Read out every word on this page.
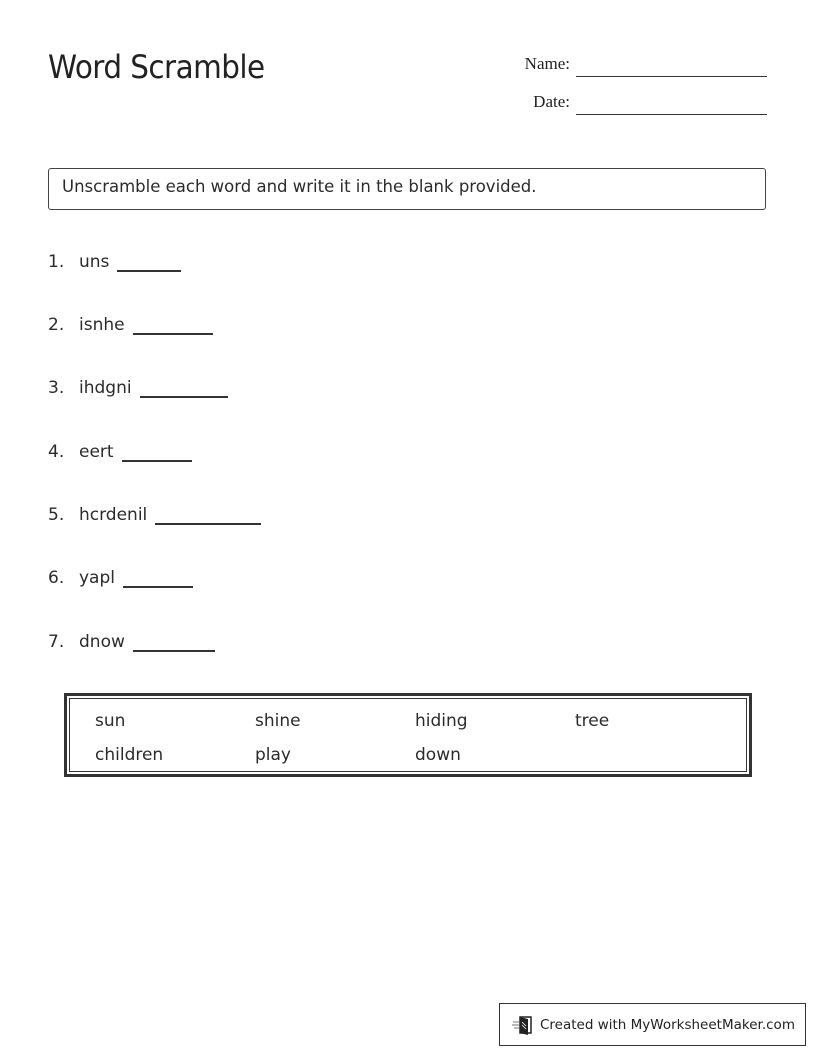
Word Scramble	Name:
Date:
Unscramble each word and write it in the blank provided.
1. uns
2. isnhe
3. ihdgni
4. eert
5. hcrdenil
6. yapl
7. dnow
sun	shine	hiding	tree
children	play	down
Created with MyWorksheetMaker.com
